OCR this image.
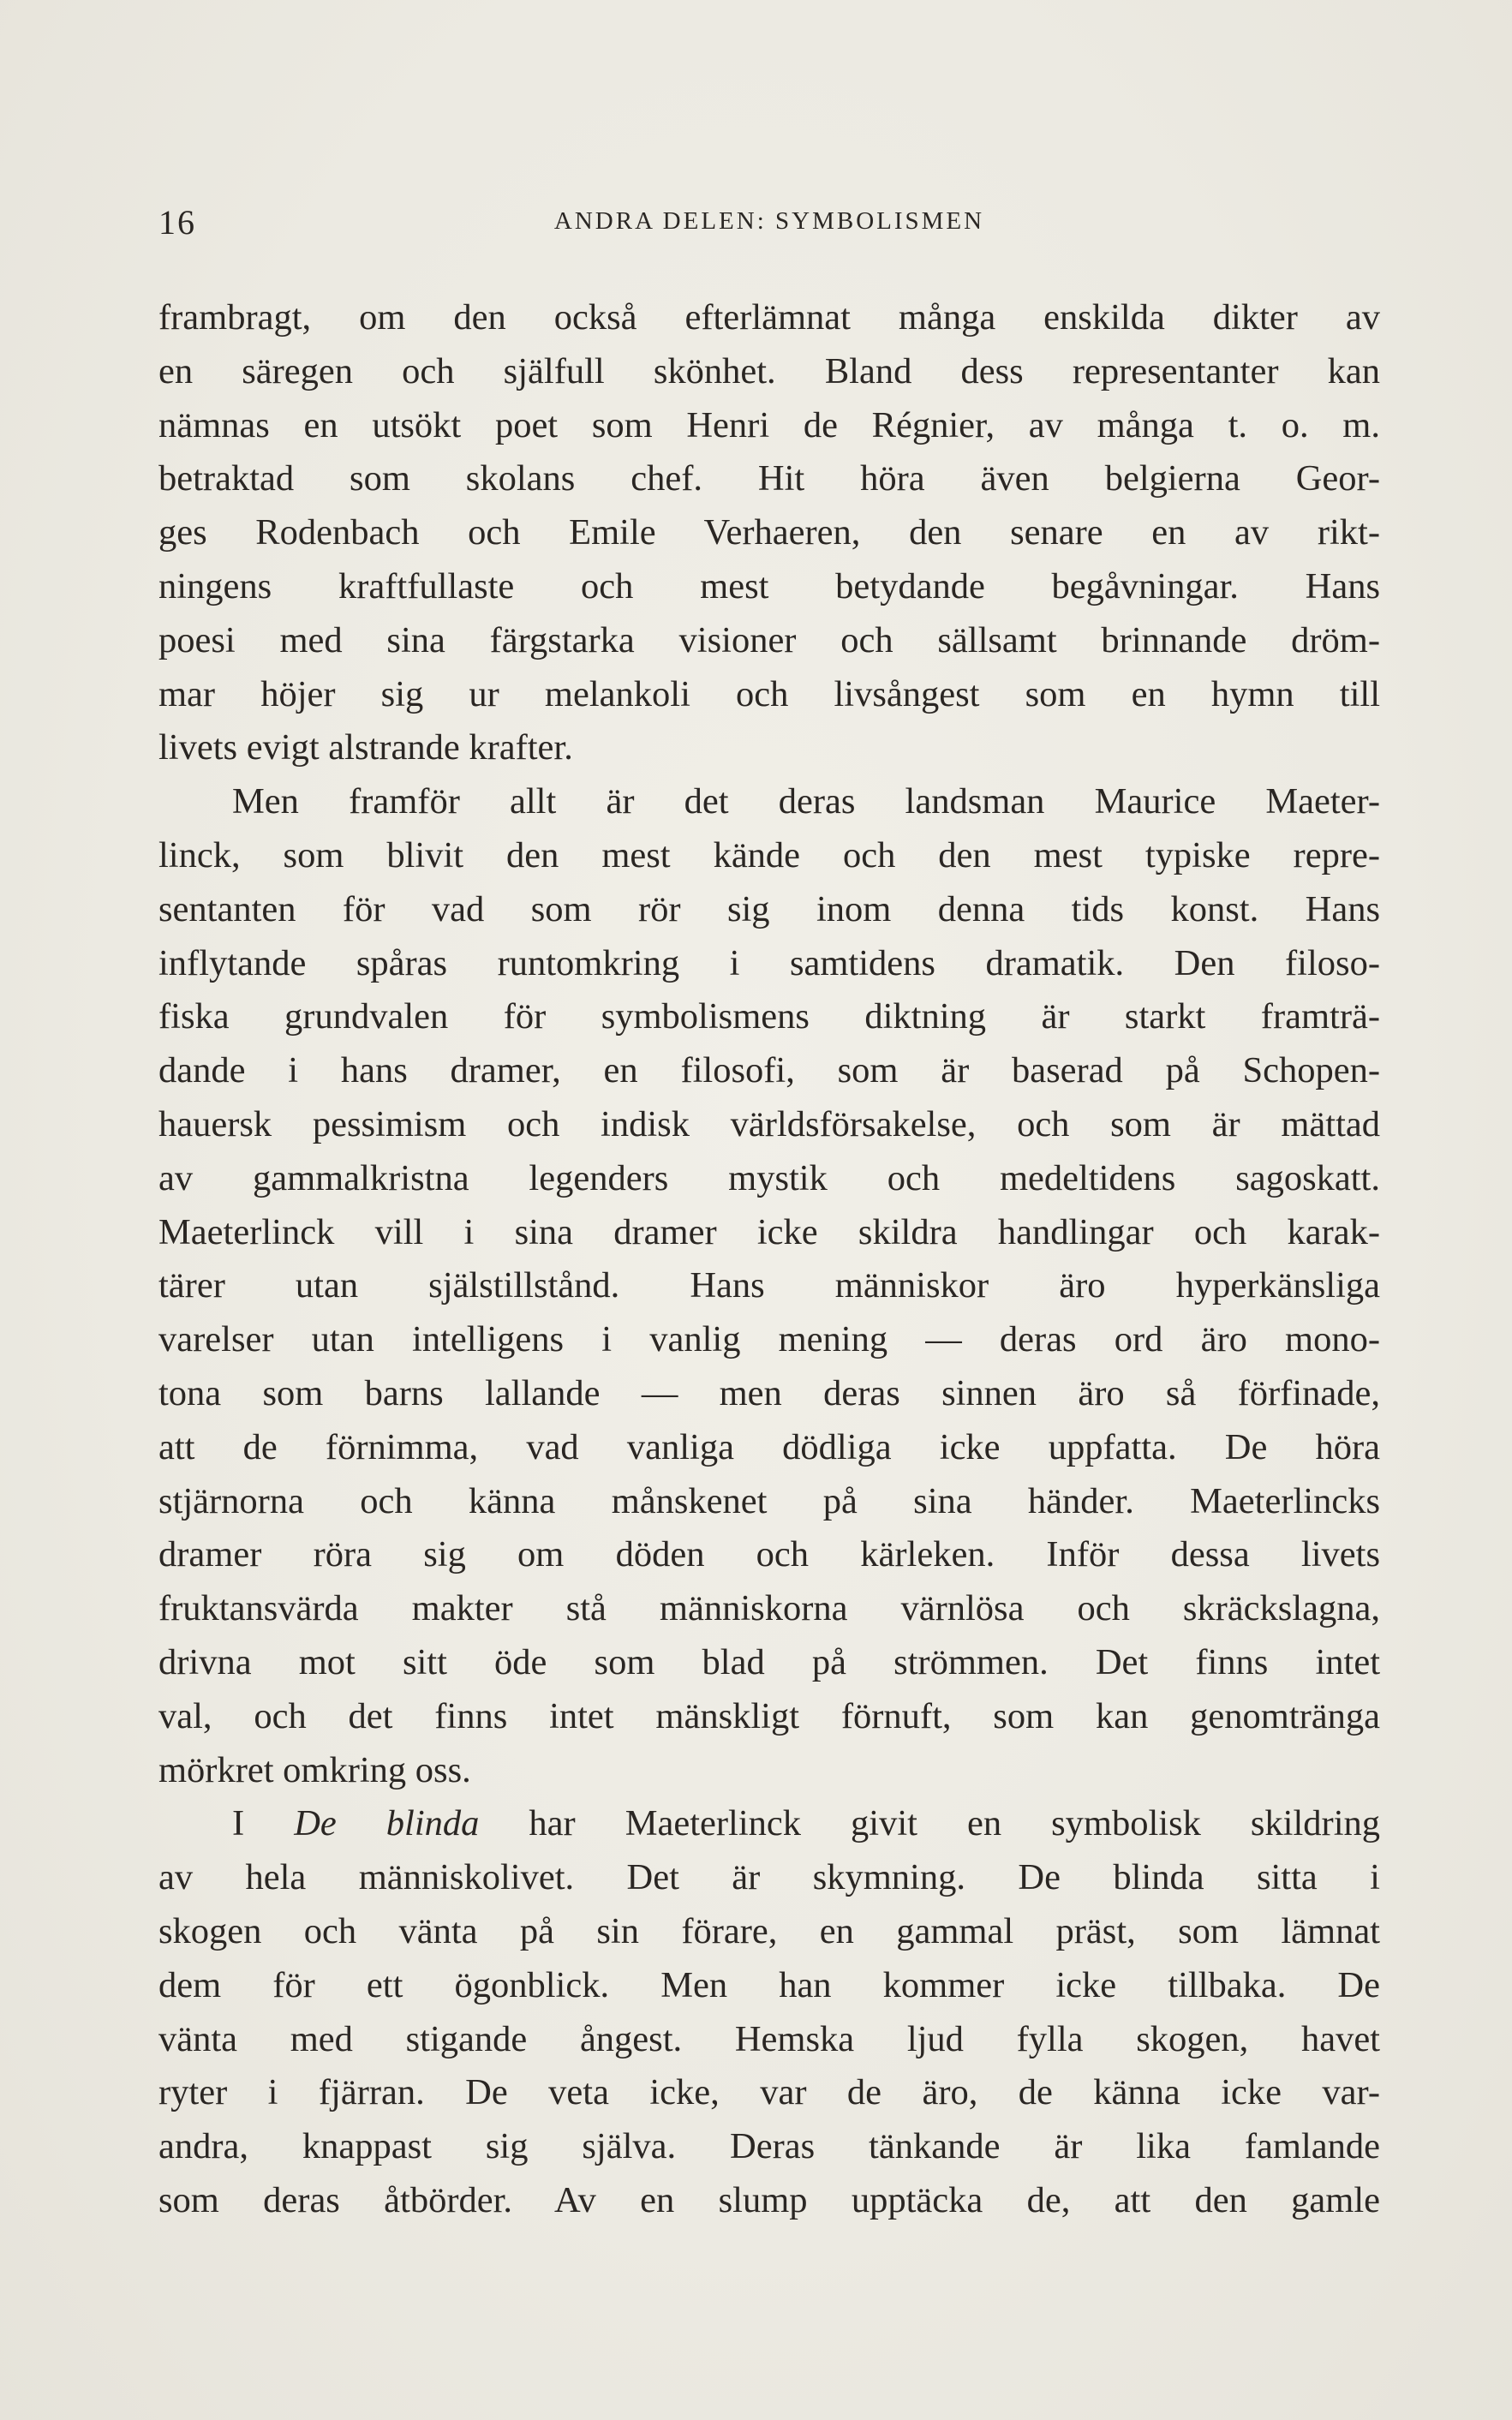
16	ANDRA DELEN: SYMBOLISMEN
frambragt, om den också efterlämnat många enskilda dikter av
en säregen och själfull skönhet. Bland dess representanter kan
nämnas en utsökt poet som Henri de Régnier, av många t. o. m.
betraktad som skolans chef. Hit höra även belgierna Geor-
ges Rodenbach och Emile Verhaeren, den senare en av rikt-
ningens kraftfullaste och mest betydande begåvningar. Hans
poesi med sina färgstarka visioner och sällsamt brinnande dröm-
mar höjer sig ur melankoli och livsångest som en hymn till
livets evigt alstrande krafter.
Men framför allt är det deras landsman Maurice Maeter-
linck, som blivit den mest kände och den mest typiske repre-
sentanten för vad som rör sig inom denna tids konst. Hans
inflytande spåras runtomkring i samtidens dramatik. Den filoso-
fiska grundvalen för symbolismens diktning är starkt framträ-
dande i hans dramer, en filosofi, som är baserad på Schopen-
hauersk pessimism och indisk världsförsakelse, och som är mättad
av gammalkristna legenders mystik och medeltidens sagoskatt.
Maeterlinck vill i sina dramer icke skildra handlingar och karak-
tärer utan själstillstånd. Hans människor äro hyperkänsliga
varelser utan intelligens i vanlig mening — deras ord äro mono-
tona som barns lallande — men deras sinnen äro så förfinade,
att de förnimma, vad vanliga dödliga icke uppfatta. De höra
stjärnorna och känna månskenet på sina händer. Maeterlincks
dramer röra sig om döden och kärleken. Inför dessa livets
fruktansvärda makter stå människorna värnlösa och skräckslagna,
drivna mot sitt öde som blad på strömmen. Det finns intet
val, och det finns intet mänskligt förnuft, som kan genomtränga
mörkret omkring oss.
I De blinda har Maeterlinck givit en symbolisk skildring
av hela människolivet. Det är skymning. De blinda sitta i
skogen och vänta på sin förare, en gammal präst, som lämnat
dem för ett ögonblick. Men han kommer icke tillbaka. De
vänta med stigande ångest. Hemska ljud fylla skogen, havet
ryter i fjärran. De veta icke, var de äro, de känna icke var-
andra, knappast sig själva. Deras tänkande är lika famlande
som deras åtbörder. Av en slump upptäcka de, att den gamle
